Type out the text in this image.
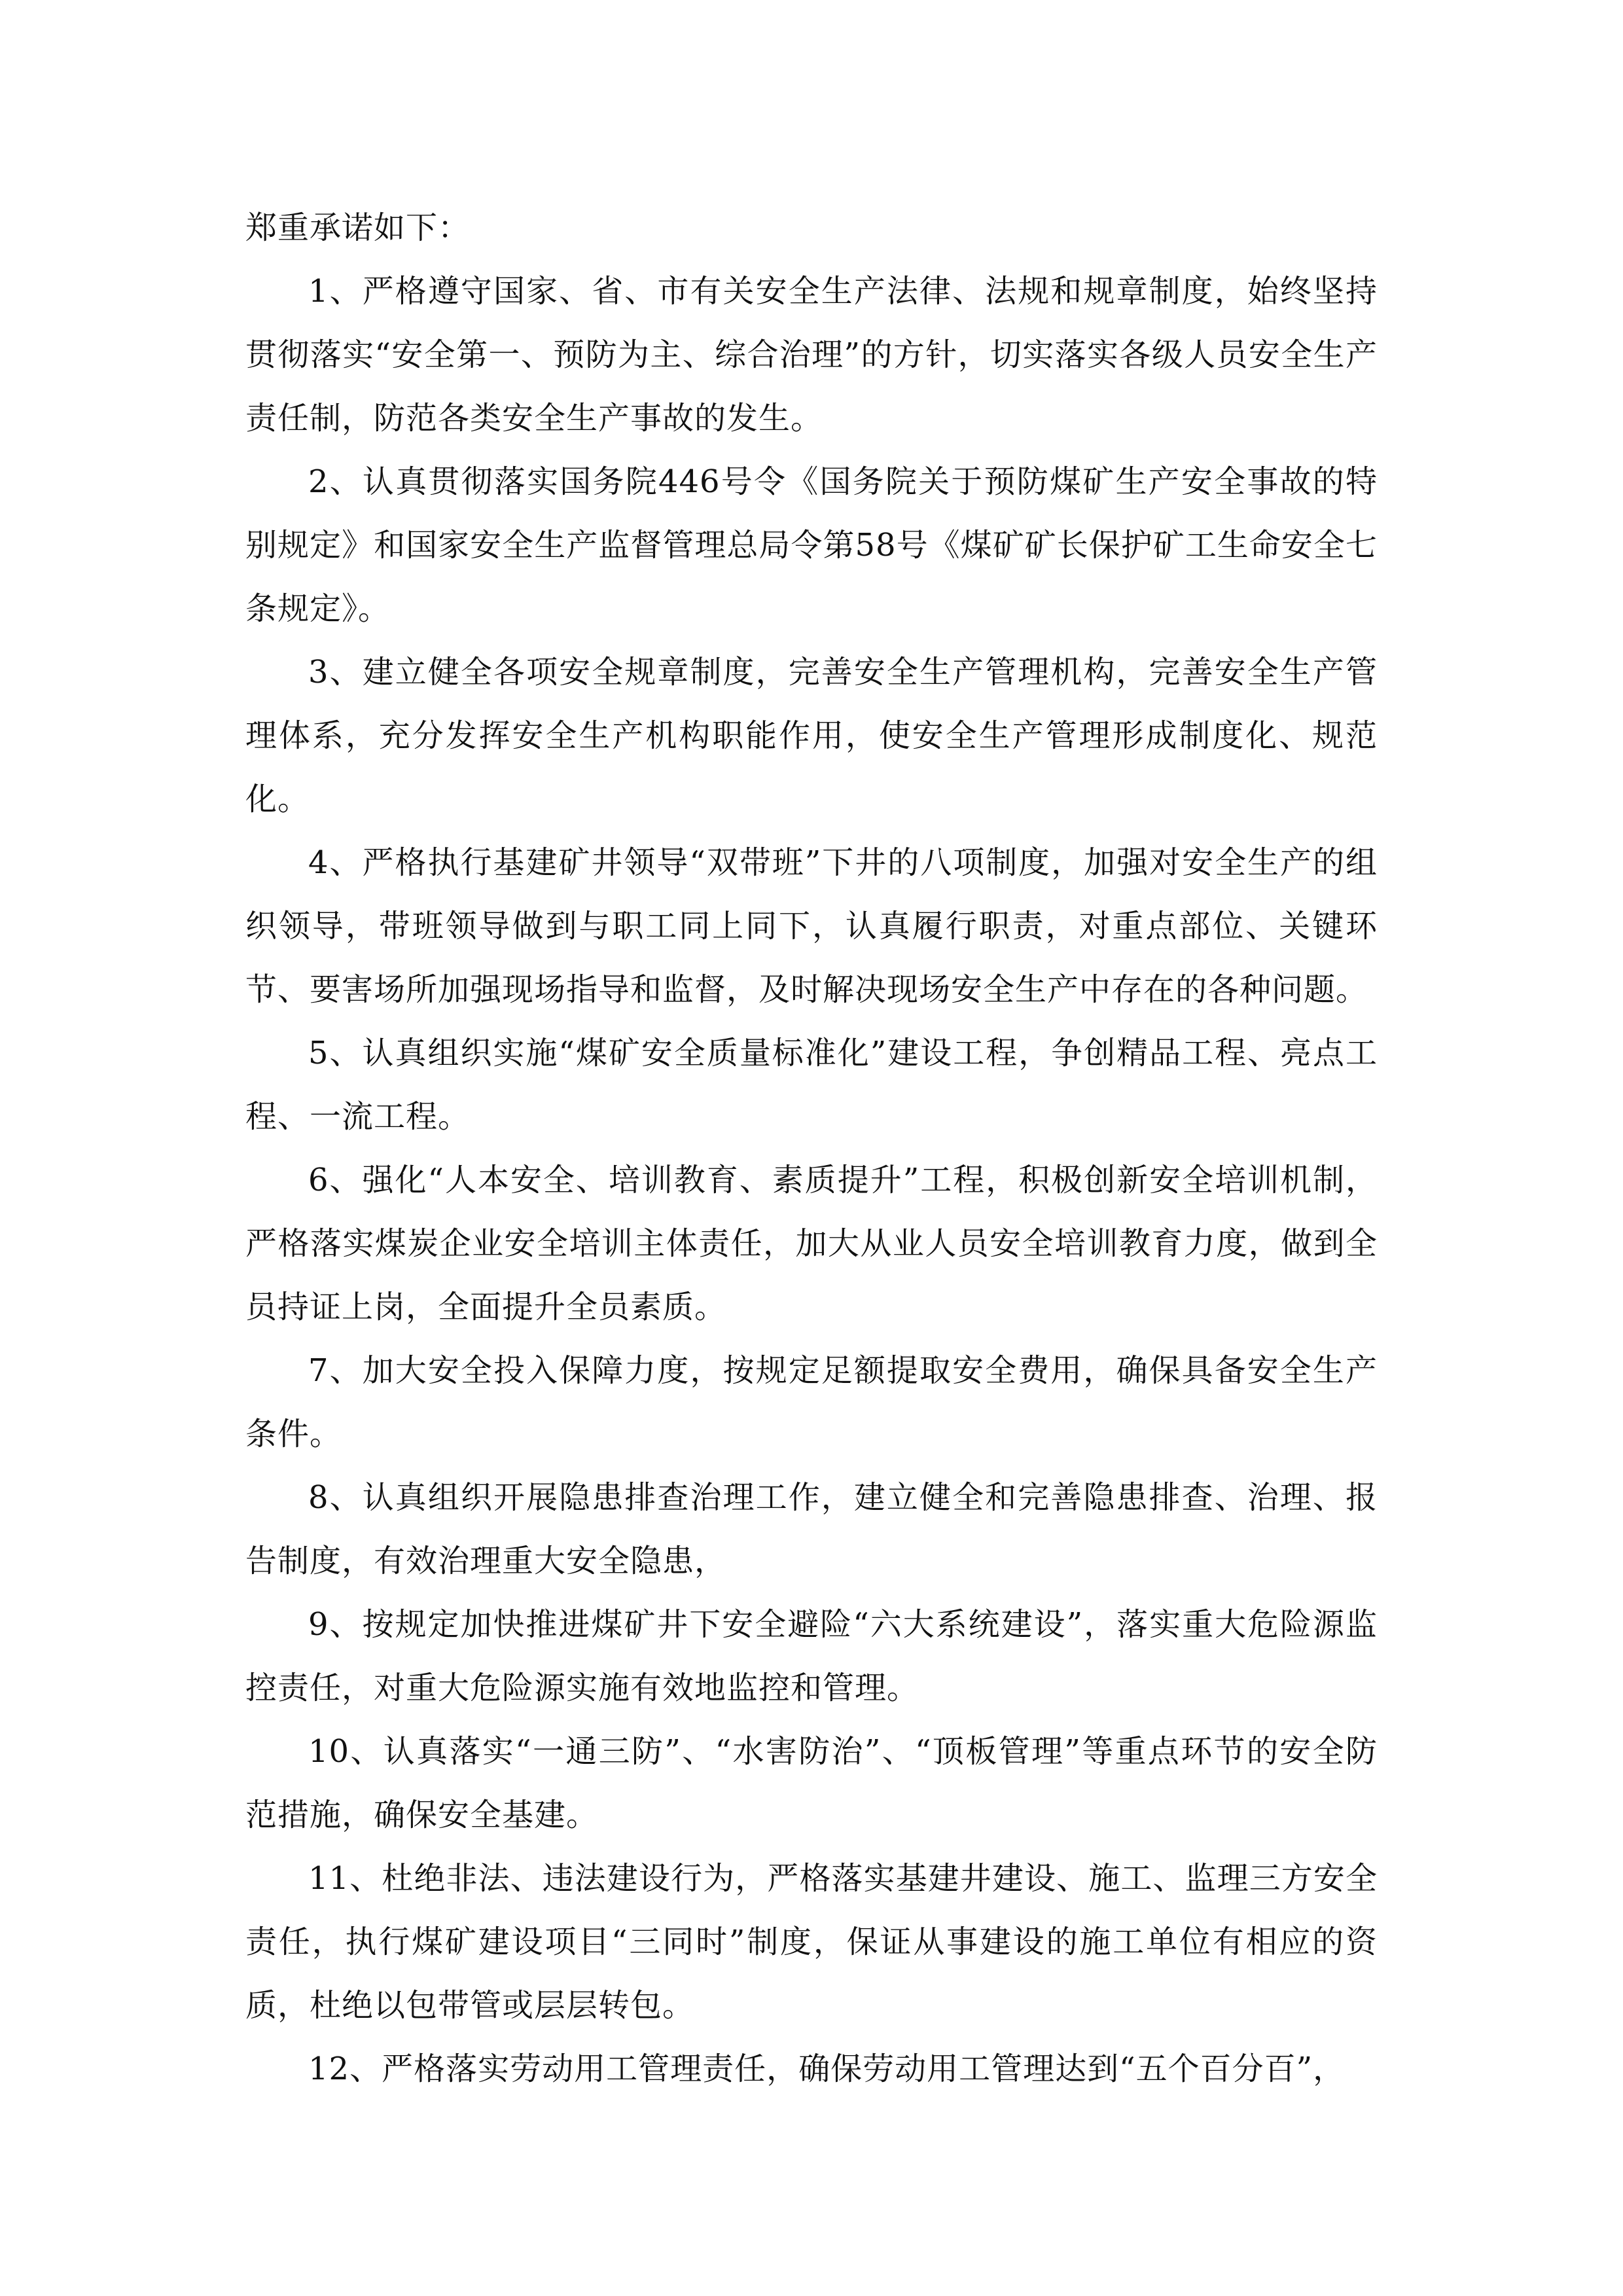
郑重承诺如下：

1、严格遵守国家、省、市有关安全生产法律、法规和规章制度，始终坚持贯彻落实“安全第一、预防为主、综合治理”的方针，切实落实各级人员安全生产责任制，防范各类安全生产事故的发生。

2、认真贯彻落实国务院446号令《国务院关于预防煤矿生产安全事故的特别规定》和国家安全生产监督管理总局令第58号《煤矿矿长保护矿工生命安全七条规定》。

3、建立健全各项安全规章制度，完善安全生产管理机构，完善安全生产管理体系，充分发挥安全生产机构职能作用，使安全生产管理形成制度化、规范化。

4、严格执行基建矿井领导“双带班”下井的八项制度，加强对安全生产的组织领导，带班领导做到与职工同上同下，认真履行职责，对重点部位、关键环节、要害场所加强现场指导和监督，及时解决现场安全生产中存在的各种问题。

5、认真组织实施“煤矿安全质量标准化”建设工程，争创精品工程、亮点工程、一流工程。

6、强化“人本安全、培训教育、素质提升”工程，积极创新安全培训机制，严格落实煤炭企业安全培训主体责任，加大从业人员安全培训教育力度，做到全员持证上岗，全面提升全员素质。

7、加大安全投入保障力度，按规定足额提取安全费用，确保具备安全生产条件。

8、认真组织开展隐患排查治理工作，建立健全和完善隐患排查、治理、报告制度，有效治理重大安全隐患，

9、按规定加快推进煤矿井下安全避险“六大系统建设”，落实重大危险源监控责任，对重大危险源实施有效地监控和管理。

10、认真落实“一通三防”、“水害防治”、“顶板管理”等重点环节的安全防范措施，确保安全基建。

11、杜绝非法、违法建设行为，严格落实基建井建设、施工、监理三方安全责任，执行煤矿建设项目“三同时”制度，保证从事建设的施工单位有相应的资质，杜绝以包带管或层层转包。

12、严格落实劳动用工管理责任，确保劳动用工管理达到“五个百分百”，
